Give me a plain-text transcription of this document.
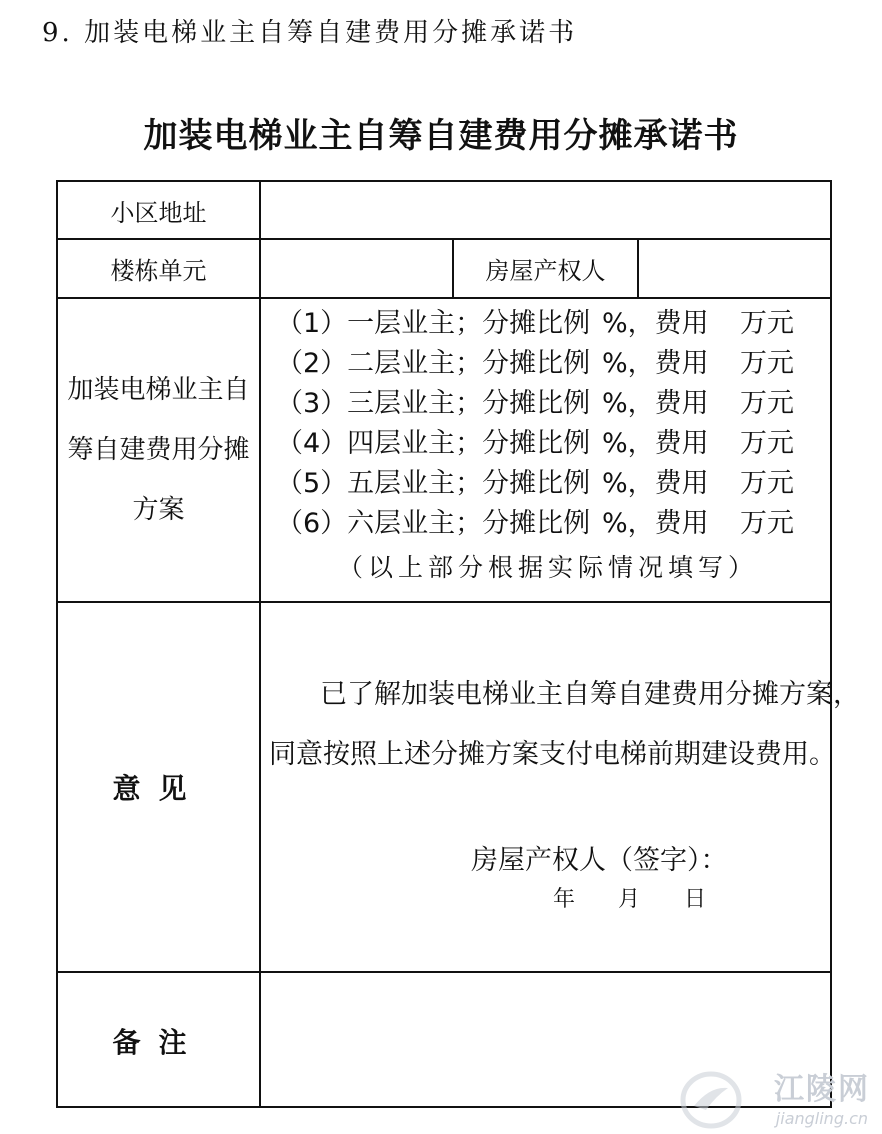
9. 加装电梯业主自筹自建费用分摊承诺书
加装电梯业主自筹自建费用分摊承诺书
小区地址
楼栋单元	房屋产权人
加装电梯业主自
筹自建费用分摊
方案
（1）一层业主；分摊比例 %，费用 万元
（2）二层业主；分摊比例 %，费用 万元
（3）三层业主；分摊比例 %，费用 万元
（4）四层业主；分摊比例 %，费用 万元
（5）五层业主；分摊比例 %，费用 万元
（6）六层业主；分摊比例 %，费用 万元
（以上部分根据实际情况填写）
意见
已了解加装电梯业主自筹自建费用分摊方案，
同意按照上述分摊方案支付电梯前期建设费用。
房屋产权人（签字）：
年 月 日
备注
江陵网
jiangling.cn
